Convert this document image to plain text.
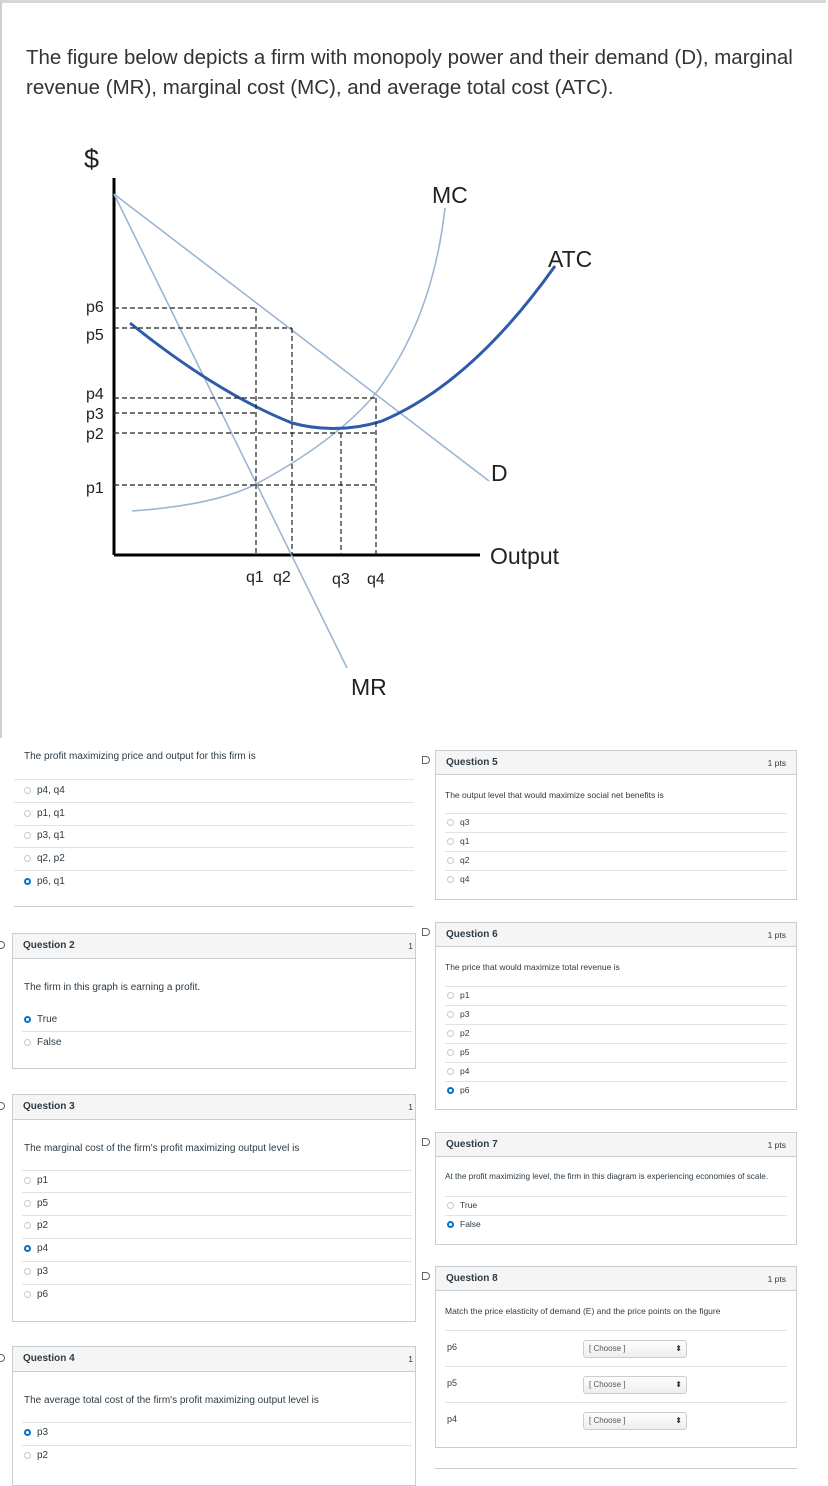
The figure below depicts a firm with monopoly power and their demand (D), marginal revenue (MR), marginal cost (MC), and average total cost (ATC).
$
p6
p5
p4
p3
p2
p1
q1 q2	q3 q4
MC
ATC
D
Output
MR
The profit maximizing price and output for this firm is
p4, q4
p1, q1
p3, q1
q2, p2
p6, q1
Question 2	1
The firm in this graph is earning a profit.
True
False
Question 3	1
The marginal cost of the firm's profit maximizing output level is
p1
p5
p2
p4
p3
p6
Question 4	1
The average total cost of the firm's profit maximizing output level is
p3
p2
Question 5	1 pts
The output level that would maximize social net benefits is
q3
q1
q2
q4
Question 6	1 pts
The price that would maximize total revenue is
p1
p3
p2
p5
p4
p6
Question 7	1 pts
At the profit maximizing level, the firm in this diagram is experiencing economies of scale.
True
False
Question 8	1 pts
Match the price elasticity of demand (E) and the price points on the figure
p6	[ Choose ]	⬍
p5	[ Choose ]	⬍
p4	[ Choose ]	⬍
